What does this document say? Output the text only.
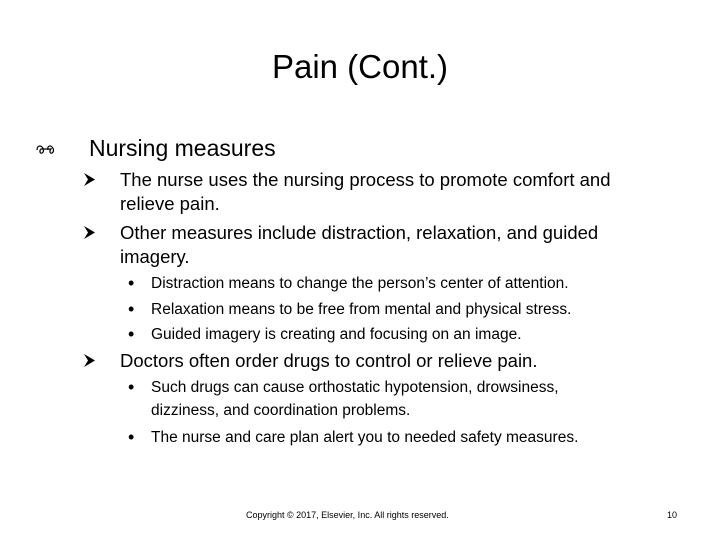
Pain (Cont.)
Nursing measures
The nurse uses the nursing process to promote comfort and
relieve pain.
Other measures include distraction, relaxation, and guided
imagery.
• Distraction means to change the person’s center of attention.
• Relaxation means to be free from mental and physical stress.
• Guided imagery is creating and focusing on an image.
Doctors often order drugs to control or relieve pain.
• Such drugs can cause orthostatic hypotension, drowsiness,
dizziness, and coordination problems.
• The nurse and care plan alert you to needed safety measures.
Copyright © 2017, Elsevier, Inc. All rights reserved.	10
